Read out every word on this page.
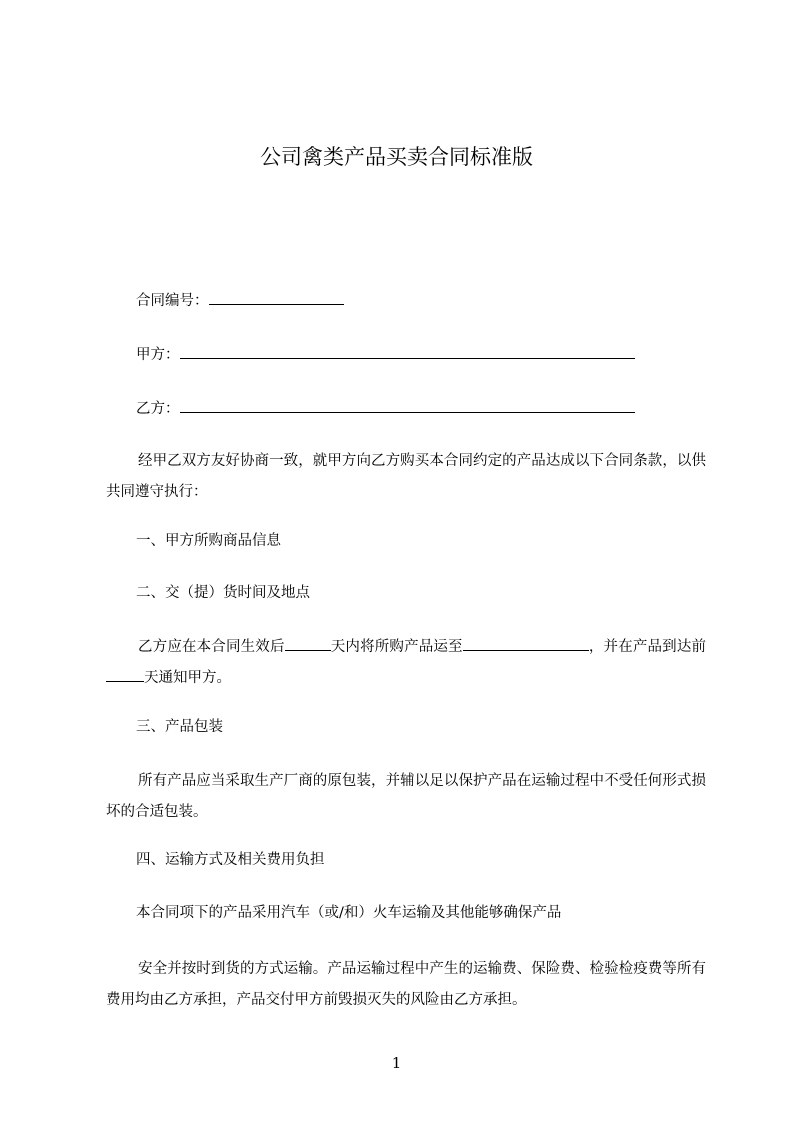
公司禽类产品买卖合同标准版
合同编号：
甲方：
乙方：
经甲乙双方友好协商一致，就甲方向乙方购买本合同约定的产品达成以下合同条款，以供共同遵守执行：
一、甲方所购商品信息
二、交（提）货时间及地点
乙方应在本合同生效后	天内将所购产品运至	，并在产品到达前天通知甲方。
三、产品包装
所有产品应当采取生产厂商的原包装，并辅以足以保护产品在运输过程中不受任何形式损坏的合适包装。
四、运输方式及相关费用负担
本合同项下的产品采用汽车（或/和）火车运输及其他能够确保产品
安全并按时到货的方式运输。产品运输过程中产生的运输费、保险费、检验检疫费等所有费用均由乙方承担，产品交付甲方前毁损灭失的风险由乙方承担。
1
